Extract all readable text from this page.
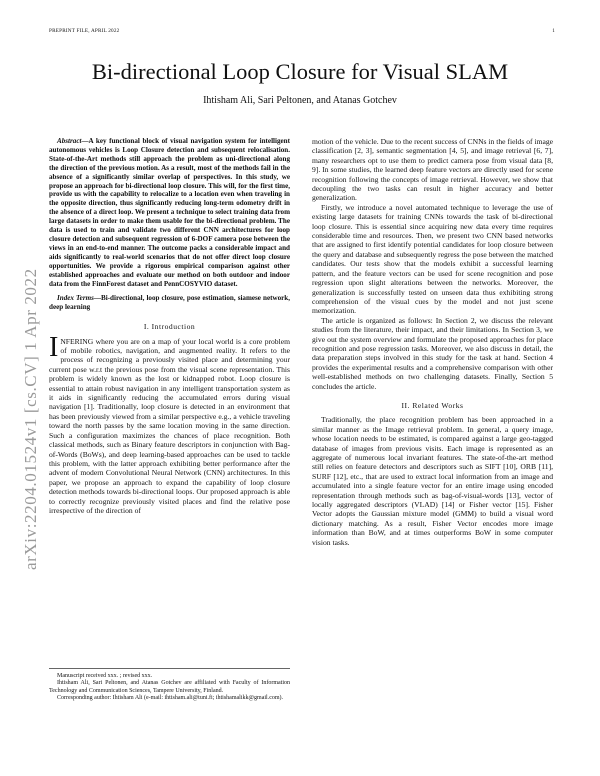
PREPRINT FILE, APRIL 2022	1
Bi-directional Loop Closure for Visual SLAM
Ihtisham Ali, Sari Peltonen, and Atanas Gotchev
arXiv:2204.01524v1 [cs.CV] 1 Apr 2022

Abstract—A key functional block of visual navigation system for intelligent autonomous vehicles is Loop Closure detection and subsequent relocalisation. State-of-the-Art methods still approach the problem as uni-directional along the direction of the previous motion. As a result, most of the methods fail in the absence of a significantly similar overlap of perspectives. In this study, we propose an approach for bi-directional loop closure. This will, for the first time, provide us with the capability to relocalize to a location even when traveling in the opposite direction, thus significantly reducing long-term odometry drift in the absence of a direct loop. We present a technique to select training data from large datasets in order to make them usable for the bi-directional problem. The data is used to train and validate two different CNN architectures for loop closure detection and subsequent regression of 6-DOF camera pose between the views in an end-to-end manner. The outcome packs a considerable impact and aids significantly to real-world scenarios that do not offer direct loop closure opportunities. We provide a rigorous empirical comparison against other established approaches and evaluate our method on both outdoor and indoor data from the FinnForest dataset and PennCOSYVIO dataset.

Index Terms—Bi-directional, loop closure, pose estimation, siamese network, deep learning

I. Introduction
I NFERING where you are on a map of your local world is a core problem of mobile robotics, navigation, and augmented reality. It refers to the process of recognizing a previously visited place and determining your current pose w.r.t the previous pose from the visual scene representation. This problem is widely known as the lost or kidnapped robot. Loop closure is essential to attain robust navigation in any intelligent transportation system as it aids in significantly reducing the accumulated errors during visual navigation [1]. Traditionally, loop closure is detected in an environment that has been previously viewed from a similar perspective e.g., a vehicle traveling toward the north passes by the same location moving in the same direction. Such a configuration maximizes the chances of place recognition. Both classical methods, such as Binary feature descriptors in conjunction with Bag-of-Words (BoWs), and deep learning-based approaches can be used to tackle this problem, with the latter approach exhibiting better performance after the advent of modern Convolutional Neural Network (CNN) architectures. In this paper, we propose an approach to expand the capability of loop closure detection methods towards bi-directional loops. Our proposed approach is able to correctly recognize previously visited places and find the relative pose irrespective of the direction of

Manuscript received xxx. ; revised xxx.

Ihtisham Ali, Sari Peltonen, and Atanas Gotchev are affiliated with Faculty of Information Technology and Communication Sciences, Tampere University, Finland.

Corresponding author: Ihtisham Ali (e-mail: ihtisham.ali@tuni.fi; ihtishamalikk@gmail.com).

motion of the vehicle. Due to the recent success of CNNs in the fields of image classification [2, 3], semantic segmentation [4, 5], and image retrieval [6, 7], many researchers opt to use them to predict camera pose from visual data [8, 9]. In some studies, the learned deep feature vectors are directly used for scene recognition following the concepts of image retrieval. However, we show that decoupling the two tasks can result in higher accuracy and better generalization.

Firstly, we introduce a novel automated technique to leverage the use of existing large datasets for training CNNs towards the task of bi-directional loop closure. This is essential since acquiring new data every time requires considerable time and resources. Then, we present two CNN based networks that are assigned to first identify potential candidates for loop closure between the query and database and subsequently regress the pose between the matched candidates. Our tests show that the models exhibit a successful learning pattern, and the feature vectors can be used for scene recognition and pose regression upon slight alterations between the networks. Moreover, the generalization is successfully tested on unseen data thus exhibiting strong comprehension of the visual cues by the model and not just scene memorization.

The article is organized as follows: In Section 2, we discuss the relevant studies from the literature, their impact, and their limitations. In Section 3, we give out the system overview and formulate the proposed approaches for place recognition and pose regression tasks. Moreover, we also discuss in detail, the data preparation steps involved in this study for the task at hand. Section 4 provides the experimental results and a comprehensive comparison with other well-established methods on two challenging datasets. Finally, Section 5 concludes the article.

II. Related Works

Traditionally, the place recognition problem has been approached in a similar manner as the Image retrieval problem. In general, a query image, whose location needs to be estimated, is compared against a large geo-tagged database of images from previous visits. Each image is represented as an aggregate of numerous local invariant features. The state-of-the-art method still relies on feature detectors and descriptors such as SIFT [10], ORB [11], SURF [12], etc., that are used to extract local information from an image and accumulated into a single feature vector for an entire image using encoded representation through methods such as bag-of-visual-words [13], vector of locally aggregated descriptors (VLAD) [14] or Fisher vector [15]. Fisher Vector adopts the Gaussian mixture model (GMM) to build a visual word dictionary matching. As a result, Fisher Vector encodes more image information than BoW, and at times outperforms BoW in some computer vision tasks.
